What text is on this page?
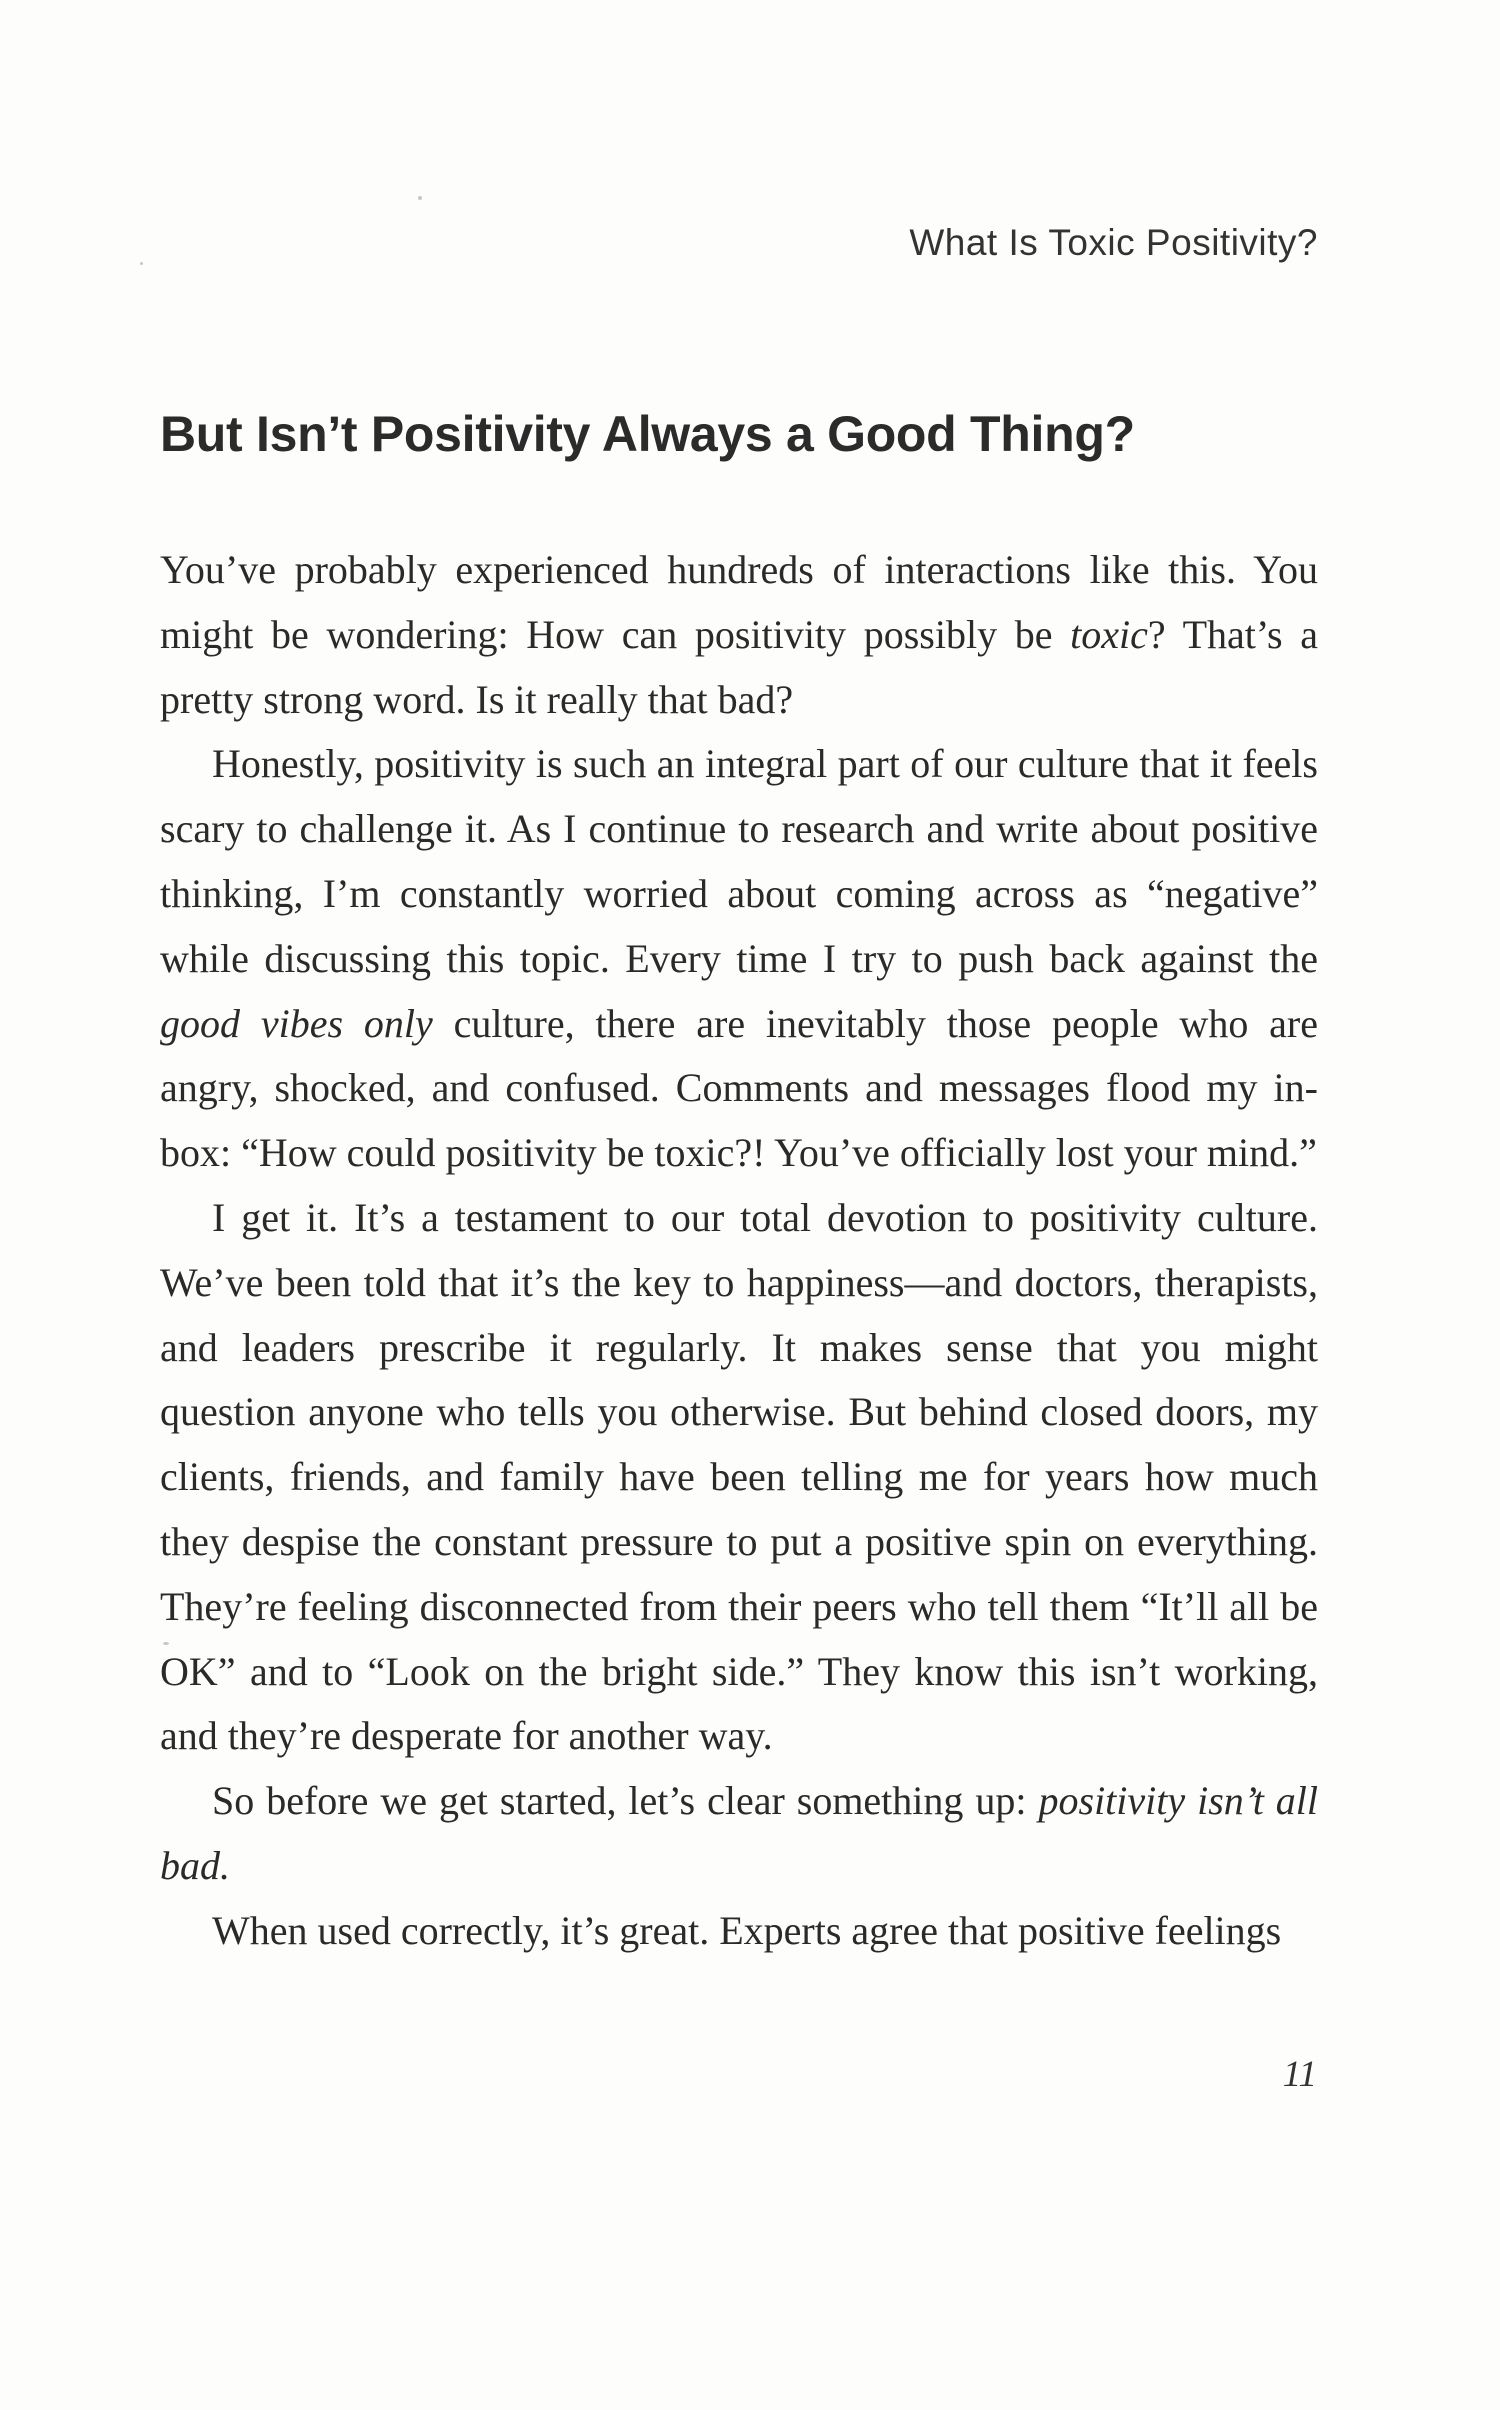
What Is Toxic Positivity?
But Isn’t Positivity Always a Good Thing?

You’ve probably experienced hundreds of interactions like this. You might be wondering: How can positivity possibly be toxic? That’s a pretty strong word. Is it really that bad?

Honestly, positivity is such an integral part of our culture that it feels scary to challenge it. As I continue to research and write about positive thinking, I’m constantly worried about coming across as “negative” while discussing this topic. Every time I try to push back against the good vibes only culture, there are inevitably those people who are angry, shocked, and confused. Comments and messages flood my in-box: “How could positivity be toxic?! You’ve officially lost your mind.”

I get it. It’s a testament to our total devotion to positivity culture. We’ve been told that it’s the key to happiness—and doctors, therapists, and leaders prescribe it regularly. It makes sense that you might question anyone who tells you otherwise. But behind closed doors, my clients, friends, and family have been telling me for years how much they despise the constant pressure to put a positive spin on everything. They’re feeling disconnected from their peers who tell them “It’ll all be OK” and to “Look on the bright side.” They know this isn’t working, and they’re desperate for another way.

So before we get started, let’s clear something up: positivity isn’t all bad.

When used correctly, it’s great. Experts agree that positive feelings

11
